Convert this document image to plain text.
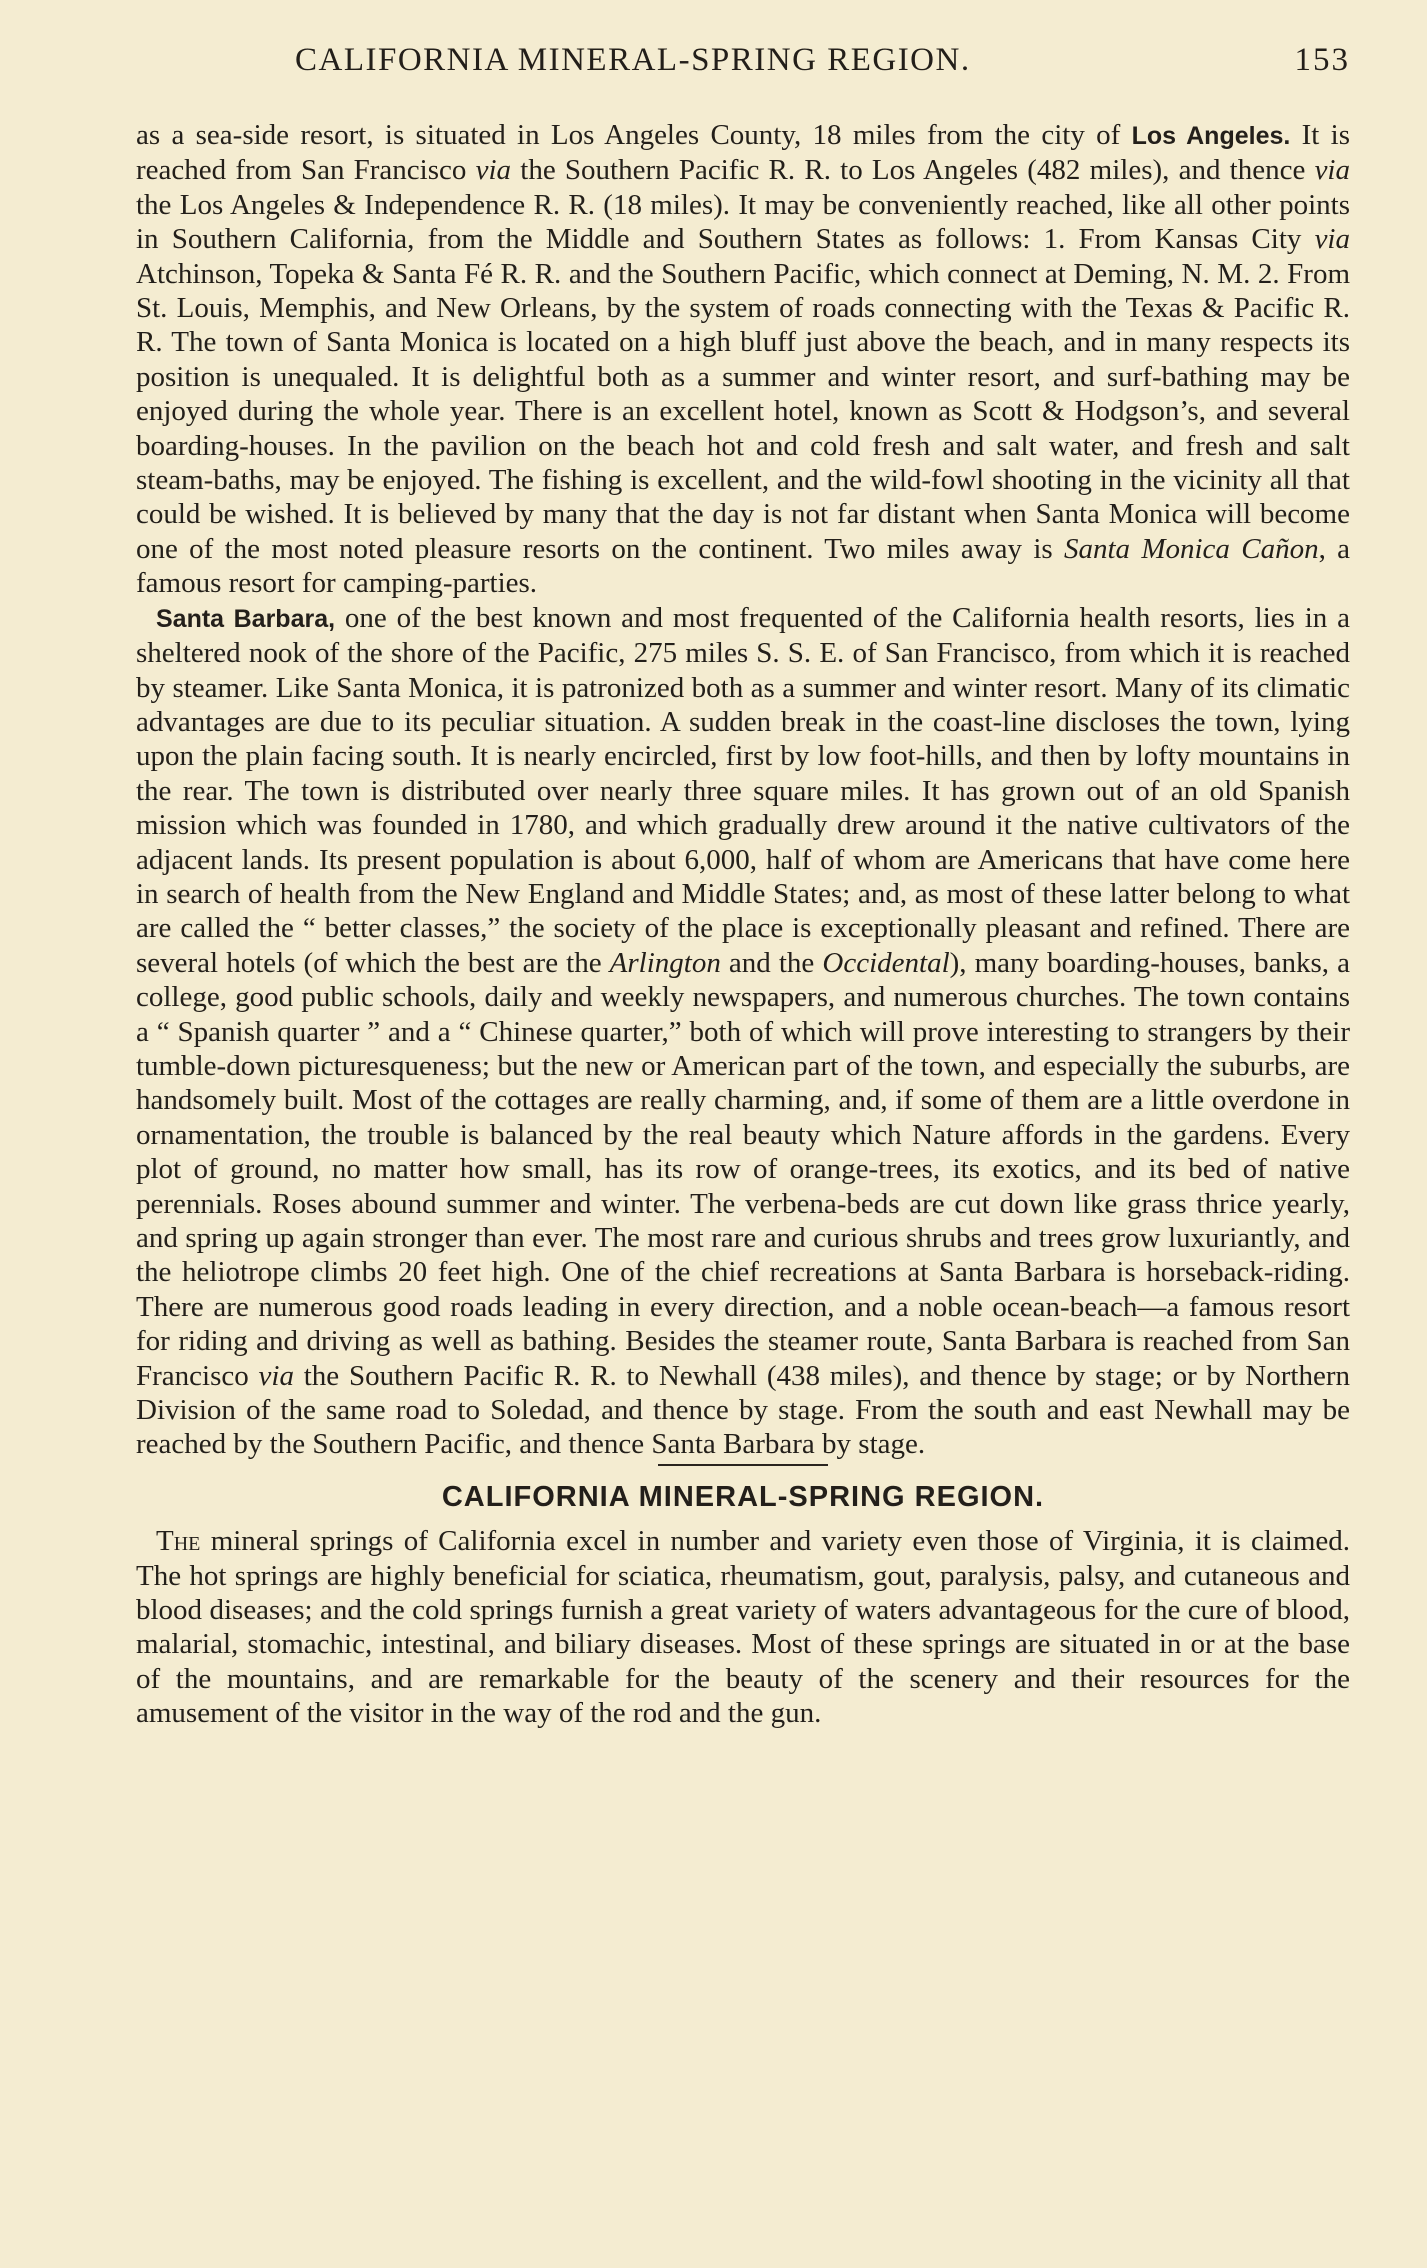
CALIFORNIA MINERAL-SPRING REGION.	153

as a sea-side resort, is situated in Los Angeles County, 18 miles from the city of Los Angeles. It is reached from San Francisco via the Southern Pacific R. R. to Los Angeles (482 miles), and thence via the Los Angeles & Independence R. R. (18 miles). It may be conveniently reached, like all other points in Southern California, from the Middle and Southern States as follows: 1. From Kansas City via Atchinson, Topeka & Santa Fé R. R. and the Southern Pacific, which connect at Deming, N. M. 2. From St. Louis, Memphis, and New Orleans, by the system of roads connecting with the Texas & Pacific R. R. The town of Santa Monica is located on a high bluff just above the beach, and in many respects its position is unequaled. It is delightful both as a summer and winter resort, and surf-bathing may be enjoyed during the whole year. There is an excellent hotel, known as Scott & Hodgson’s, and several boarding-houses. In the pavilion on the beach hot and cold fresh and salt water, and fresh and salt steam-baths, may be enjoyed. The fishing is excellent, and the wild-fowl shooting in the vicinity all that could be wished. It is believed by many that the day is not far distant when Santa Monica will become one of the most noted pleasure resorts on the continent. Two miles away is Santa Monica Cañon, a famous resort for camping-parties.

Santa Barbara, one of the best known and most frequented of the California health resorts, lies in a sheltered nook of the shore of the Pacific, 275 miles S. S. E. of San Francisco, from which it is reached by steamer. Like Santa Monica, it is patronized both as a summer and winter resort. Many of its climatic advantages are due to its peculiar situation. A sudden break in the coast-line discloses the town, lying upon the plain facing south. It is nearly encircled, first by low foot-hills, and then by lofty mountains in the rear. The town is distributed over nearly three square miles. It has grown out of an old Spanish mission which was founded in 1780, and which gradually drew around it the native cultivators of the adjacent lands. Its present population is about 6,000, half of whom are Americans that have come here in search of health from the New England and Middle States; and, as most of these latter belong to what are called the “ better classes,” the society of the place is exceptionally pleasant and refined. There are several hotels (of which the best are the Arlington and the Occidental), many boarding-houses, banks, a college, good public schools, daily and weekly newspapers, and numerous churches. The town contains a “ Spanish quarter ” and a “ Chinese quarter,” both of which will prove interesting to strangers by their tumble-down picturesqueness; but the new or American part of the town, and especially the suburbs, are handsomely built. Most of the cottages are really charming, and, if some of them are a little overdone in ornamentation, the trouble is balanced by the real beauty which Nature affords in the gardens. Every plot of ground, no matter how small, has its row of orange-trees, its exotics, and its bed of native perennials. Roses abound summer and winter. The verbena-beds are cut down like grass thrice yearly, and spring up again stronger than ever. The most rare and curious shrubs and trees grow luxuriantly, and the heliotrope climbs 20 feet high. One of the chief recreations at Santa Barbara is horseback-riding. There are numerous good roads leading in every direction, and a noble ocean-beach—a famous resort for riding and driving as well as bathing. Besides the steamer route, Santa Barbara is reached from San Francisco via the Southern Pacific R. R. to Newhall (438 miles), and thence by stage; or by Northern Division of the same road to Soledad, and thence by stage. From the south and east Newhall may be reached by the Southern Pacific, and thence Santa Barbara by stage.

CALIFORNIA MINERAL-SPRING REGION.

The mineral springs of California excel in number and variety even those of Virginia, it is claimed. The hot springs are highly beneficial for sciatica, rheumatism, gout, paralysis, palsy, and cutaneous and blood diseases; and the cold springs furnish a great variety of waters advantageous for the cure of blood, malarial, stomachic, intestinal, and biliary diseases. Most of these springs are situated in or at the base of the mountains, and are remarkable for the beauty of the scenery and their resources for the amusement of the visitor in the way of the rod and the gun.
